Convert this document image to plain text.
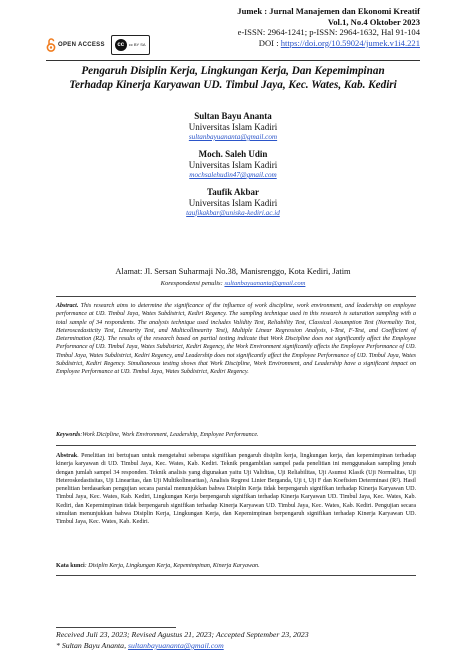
OPEN ACCESS	cc	cc BY SA
Jumek : Jurnal Manajemen dan Ekonomi Kreatif
Vol.1, No.4 Oktober 2023
e-ISSN: 2964-1241; p-ISSN: 2964-1632, Hal 91-104
DOI : https://doi.org/10.59024/jumek.v1i4.221
Pengaruh Disiplin Kerja, Lingkungan Kerja, Dan Kepemimpinan
Terhadap Kinerja Karyawan UD. Timbul Jaya, Kec. Wates, Kab. Kediri
Sultan Bayu Ananta
Universitas Islam Kadiri
sultanbayuananta@gmail.com
Moch. Saleh Udin
Universitas Islam Kadiri
mochsalehudin47@gmail.com
Taufik Akbar
Universitas Islam Kadiri
taufikakbar@uniska-kediri.ac.id
Alamat: Jl. Sersan Suharmaji No.38, Manisrenggo, Kota Kediri, Jatim
Korespondensi penulis: sultanbayuananta@gmail.com
Abstract. This research aims to determine the significance of the influence of work discipline, work environment, and leadership on employee performance at UD. Timbul Jaya, Wates Subdistrict, Kediri Regency. The sampling technique used in this research is saturation sampling with a total sample of 34 respondents. The analysis technique used includes Validity Test, Reliability Test, Classical Assumption Test (Normality Test, Heteroscedasticity Test, Linearity Test, and Multicollinearity Test), Multiple Linear Regression Analysis, t-Test, F-Test, and Coefficient of Determination (R2). The results of the research based on partial testing indicate that Work Discipline does not significantly affect the Employee Performance of UD. Timbul Jaya, Wates Subdistrict, Kediri Regency, the Work Environment significantly affects the Employee Performance of UD. Timbul Jaya, Wates Subdistrict, Kediri Regency, and Leadership does not significantly affect the Employee Performance of UD. Timbul Jaya, Wates Subdistrict, Kediri Regency. Simultaneous testing shows that Work Discipline, Work Environment, and Leadership have a significant impact on Employee Performance at UD. Timbul Jaya, Wates Subdistrict, Kediri Regency.
Keywords:Work Dicipline, Work Environment, Leadership, Employee Performance.
Abstrak. Penelitian ini bertujuan untuk mengetahui seberapa signifikan pengaruh disiplin kerja, lingkungan kerja, dan kepemimpinan terhadap kinerja karyawan di UD. Timbul Jaya, Kec. Wates, Kab. Kediri. Teknik pengambilan sampel pada penelitian ini menggunakan sampling jenuh dengan jumlah sampel 34 responden. Teknik analisis yang digunakan yaitu Uji Validitas, Uji Reliabilitas, Uji Asumsi Klasik (Uji Normalitas, Uji Heteroskedastisitas, Uji Linearitas, dan Uji Multikolinearitas), Analisis Regresi Linier Berganda, Uji t, Uji F dan Koefisien Determinasi (R²). Hasil penelitian berdasarkan pengujian secara parsial menunjukkan bahwa Disiplin Kerja tidak berpengaruh signifikan terhadap Kinerja Karyawan UD. Timbul Jaya, Kec. Wates, Kab. Kediri, Lingkungan Kerja berpengaruh signifikan terhadap Kinerja Karyawan UD. Timbul Jaya, Kec. Wates, Kab. Kediri, dan Kepemimpinan tidak berpengaruh signifikan terhadap Kinerja Karyawan UD. Timbul Jaya, Kec. Wates, Kab. Kediri. Pengujian secara simultan menunjukkan bahwa Disiplin Kerja, Lingkungan Kerja, dan Kepemimpinan berpengaruh signifikan terhadap Kinerja Karyawan UD. Timbul Jaya, Kec. Wates, Kab. Kediri.
Kata kunci: Disiplin Kerja, Lingkungan Kerja, Kepemimpinan, Kinerja Karyawan.
Received Juli 23, 2023; Revised Agustus 21, 2023; Accepted September 23, 2023
* Sultan Bayu Ananta, sultanbayuananta@gmail.com
